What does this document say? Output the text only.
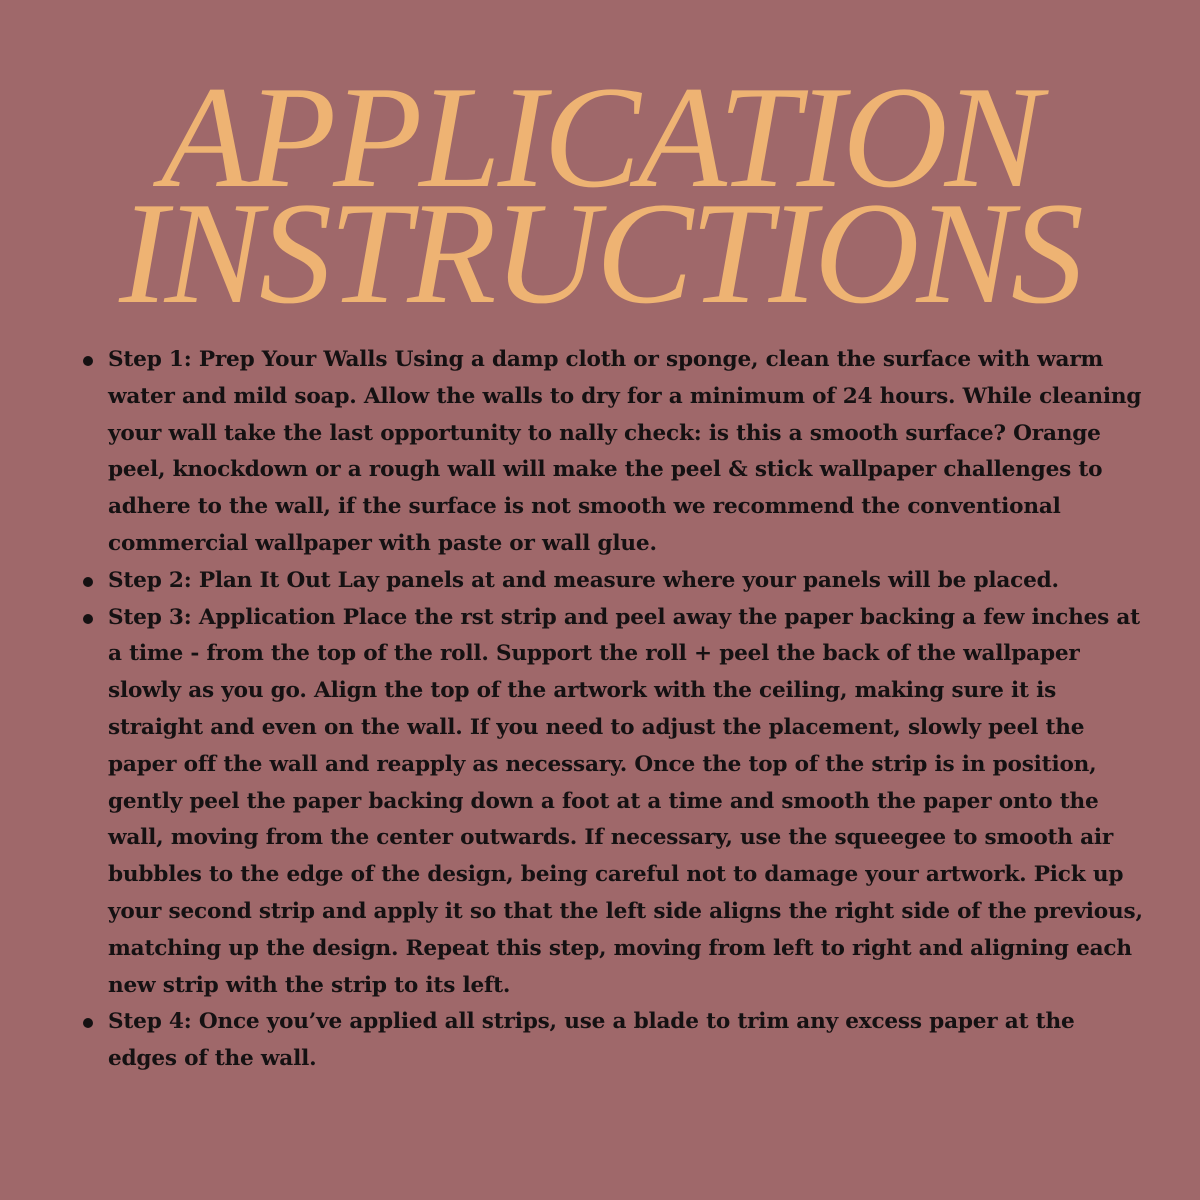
APPLICATION
INSTRUCTIONS
Step 1: Prep Your Walls Using a damp cloth or sponge, clean the surface with warm water and mild soap. Allow the walls to dry for a minimum of 24 hours. While cleaning your wall take the last opportunity to nally check: is this a smooth surface? Orange peel, knockdown or a rough wall will make the peel & stick wallpaper challenges to adhere to the wall, if the surface is not smooth we recommend the conventional commercial wallpaper with paste or wall glue.
Step 2: Plan It Out Lay panels at and measure where your panels will be placed.
Step 3: Application Place the rst strip and peel away the paper backing a few inches at a time - from the top of the roll. Support the roll + peel the back of the wallpaper slowly as you go. Align the top of the artwork with the ceiling, making sure it is straight and even on the wall. If you need to adjust the placement, slowly peel the paper off the wall and reapply as necessary. Once the top of the strip is in position, gently peel the paper backing down a foot at a time and smooth the paper onto the wall, moving from the center outwards. If necessary, use the squeegee to smooth air bubbles to the edge of the design, being careful not to damage your artwork. Pick up your second strip and apply it so that the left side aligns the right side of the previous, matching up the design. Repeat this step, moving from left to right and aligning each new strip with the strip to its left.
Step 4: Once you’ve applied all strips, use a blade to trim any excess paper at the edges of the wall.
